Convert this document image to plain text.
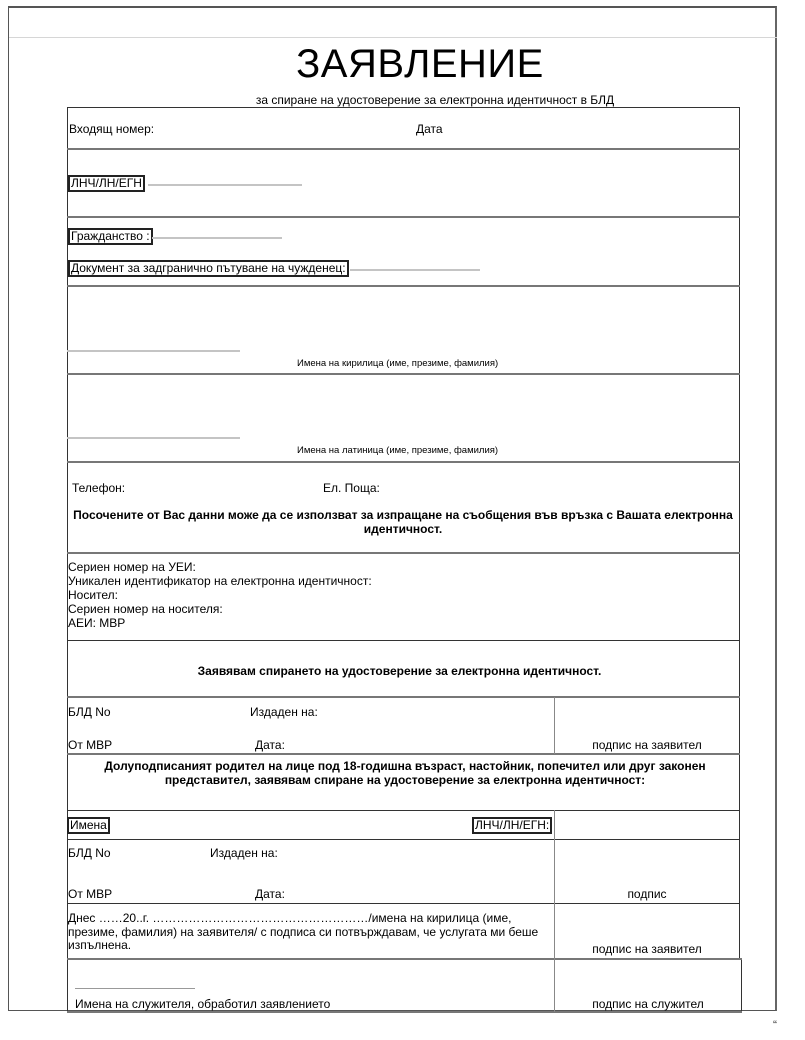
ЗАЯВЛЕНИЕ
за спиране на удостоверение за електронна идентичност в БЛД
Входящ номер:	Дата
ЛНЧ/ЛН/ЕГН
Гражданство :
Документ за задгранично пътуване на чужденец:
Имена на кирилица (име, презиме, фамилия)
Имена на латиница (име, презиме, фамилия)
Телефон:	Ел. Поща:
Посочените от Вас данни може да се използват за изпращане на съобщения във връзка с Вашата електронна идентичност.
Сериен номер на УЕИ:
Уникален идентификатор на електронна идентичност:
Носител:
Сериен номер на носителя:
АЕИ: МВР
Заявявам спирането на удостоверение за електронна идентичност.
БЛД No	Издаден на:
От МВР	Дата:	подпис на заявител
Долуподписаният родител на лице под 18-годишна възраст, настойник, попечител или друг законен представител, заявявам спиране на удостоверение за електронна идентичност:
Имена	ЛНЧ/ЛН/ЕГН:
БЛД No	Издаден на:
От МВР	Дата:	подпис
Днес ……20..г. ………………………………………………/имена на кирилица (име, презиме, фамилия) на заявителя/ с подписа си потвърждавам, че услугата ми беше изпълнена.	подпис на заявител
Имена на служителя, обработил заявлението	подпис на служител
“
